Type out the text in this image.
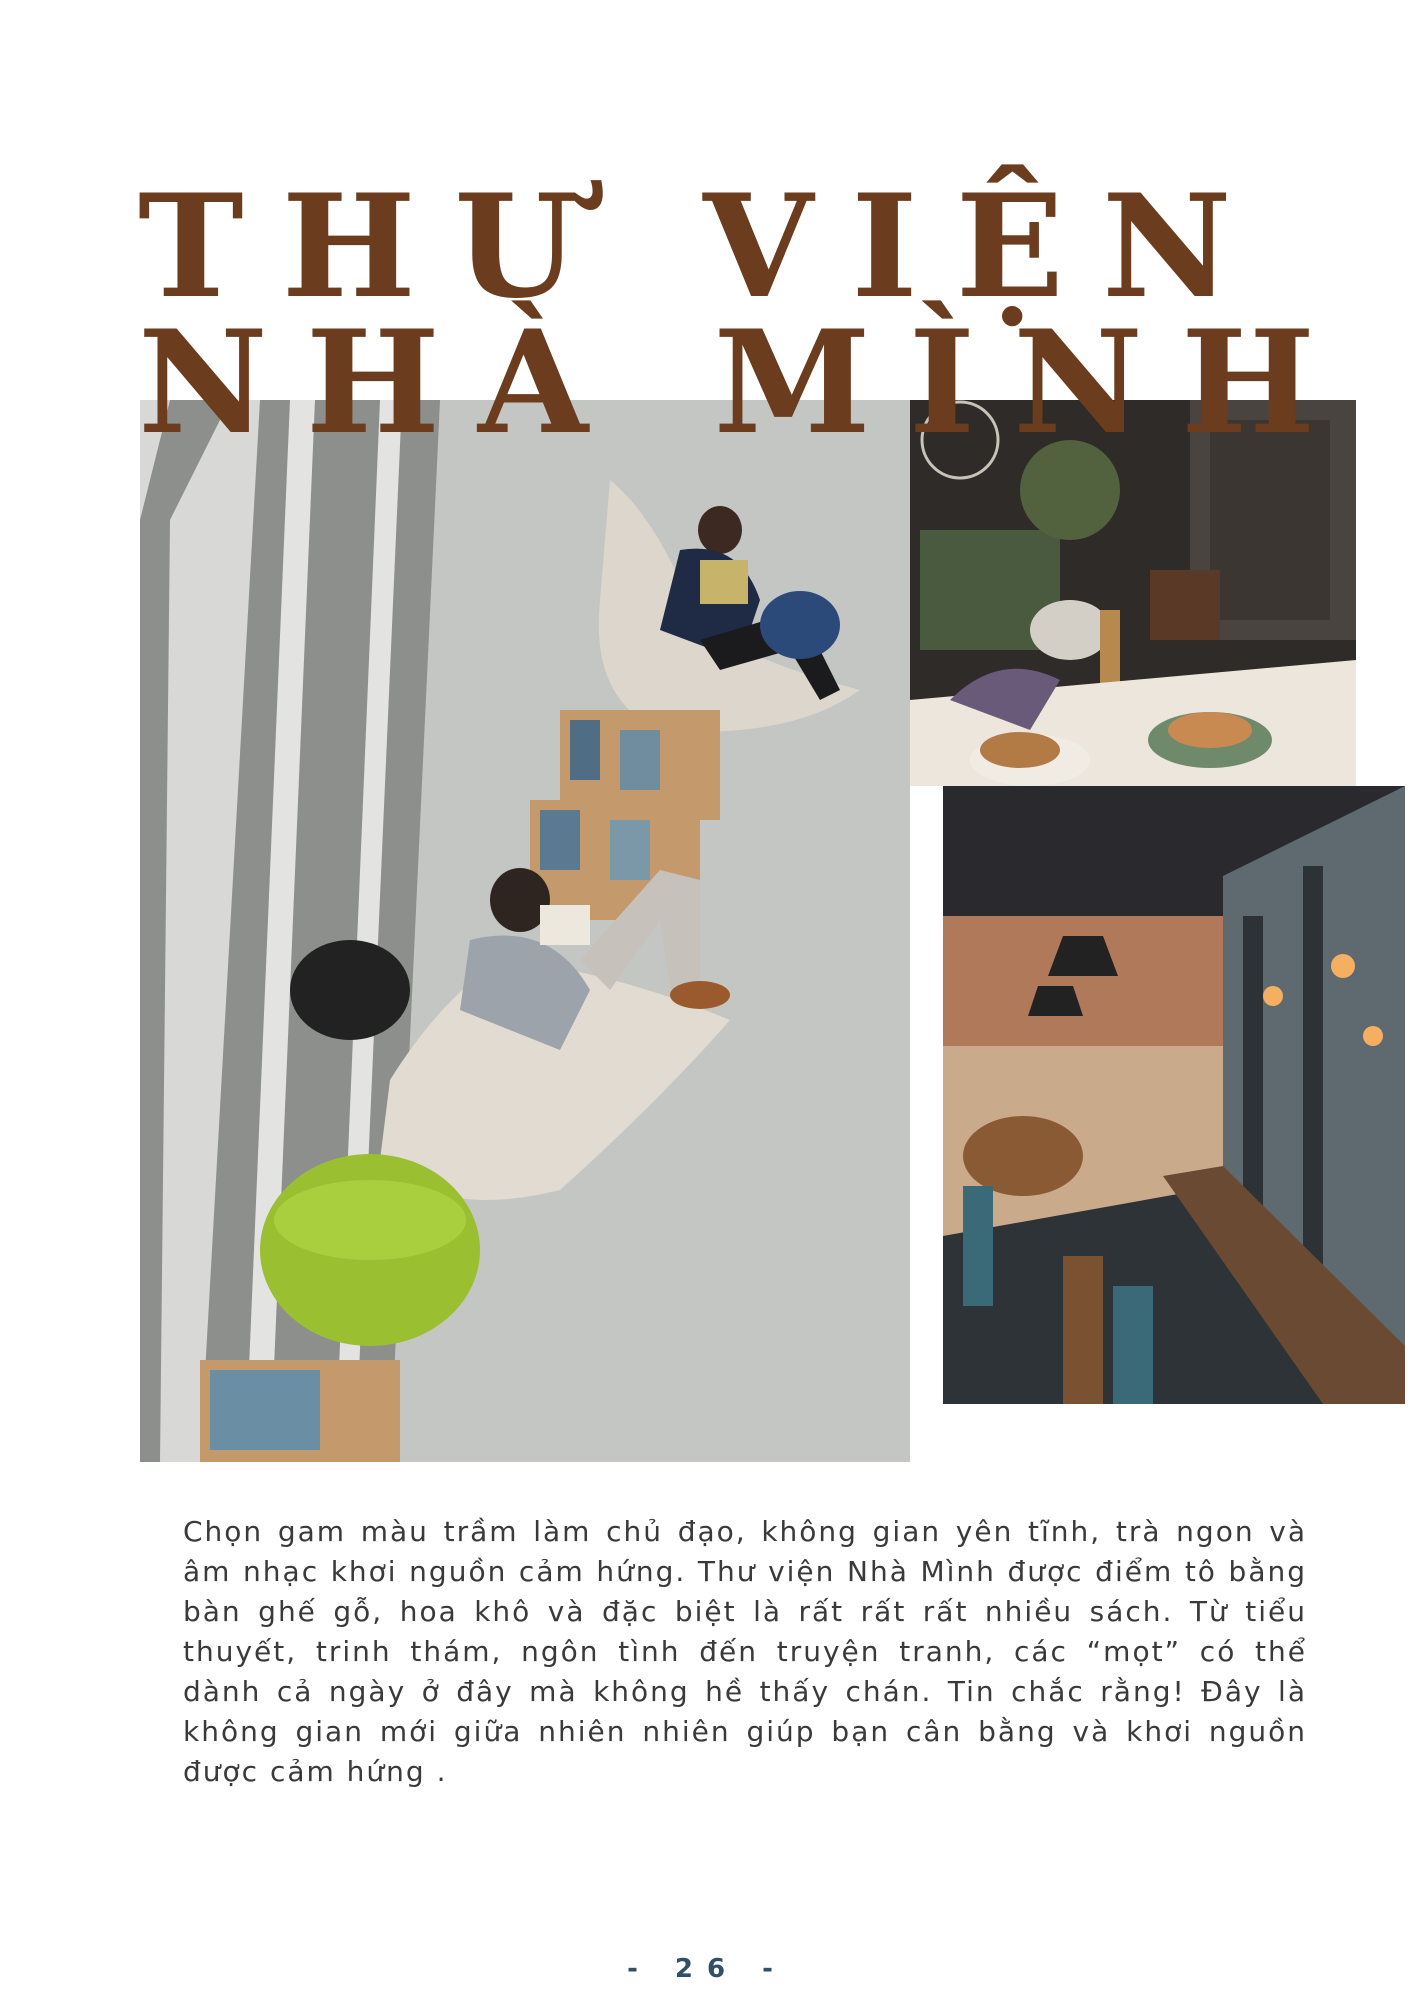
THƯ VIỆN
NHÀ MÌNH

Chọn gam màu trầm làm chủ đạo, không gian yên tĩnh, trà ngon và âm nhạc khơi nguồn cảm hứng. Thư viện Nhà Mình được điểm tô bằng bàn ghế gỗ, hoa khô và đặc biệt là rất rất rất nhiều sách. Từ tiểu thuyết, trinh thám, ngôn tình đến truyện tranh, các “mọt” có thể dành cả ngày ở đây mà không hề thấy chán. Tin chắc rằng! Đây là không gian mới giữa nhiên nhiên giúp bạn cân bằng và khơi nguồn được cảm hứng .

- 26 -
